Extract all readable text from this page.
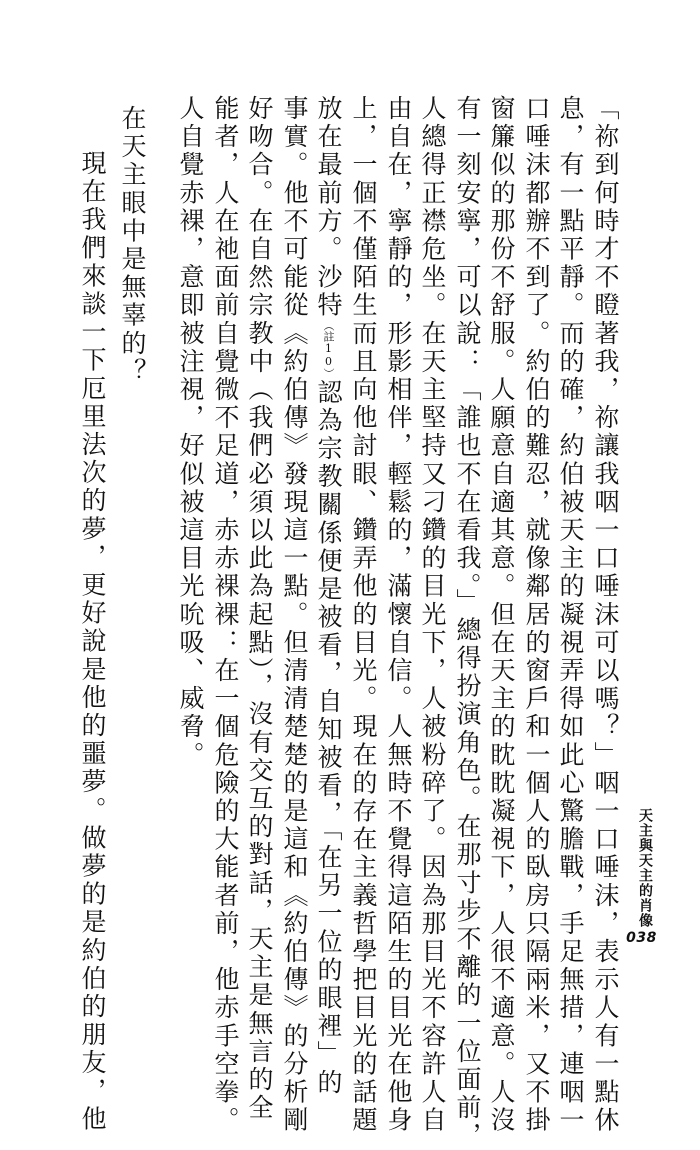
「祢到何時才不瞪著我，祢讓我咽一口唾沫可以嗎？」咽一口唾沫，表示人有一點休
息，有一點平靜。而的確，約伯被天主的凝視弄得如此心驚膽戰，手足無措，連咽一
口唾沫都辦不到了。約伯的難忍，就像鄰居的窗戶和一個人的臥房只隔兩米，又不掛
窗簾似的那份不舒服。人願意自適其意。但在天主的眈眈凝視下，人很不適意。人沒
有一刻安寧，可以說：「誰也不在看我。」總得扮演角色。在那寸步不離的一位面前，
人總得正襟危坐。在天主堅持又刁鑽的目光下，人被粉碎了。因為那目光不容許人自
由自在，寧靜的，形影相伴，輕鬆的，滿懷自信。人無時不覺得這陌生的目光在他身
上，一個不僅陌生而且向他討眼、鑽弄他的目光。現在的存在主義哲學把目光的話題
放在最前方。沙特（註10）認為宗教關係便是被看，自知被看，「在另一位的眼裡」的
事實。他不可能從《約伯傳》發現這一點。但清清楚楚的是這和《約伯傳》的分析剛
好吻合。在自然宗教中（我們必須以此為起點），沒有交互的對話，天主是無言的全
能者，人在祂面前自覺微不足道，赤赤裸裸：在一個危險的大能者前，他赤手空拳。
人自覺赤裸，意即被注視，好似被這目光吮吸、威脅。
在天主眼中是無辜的？
現在我們來談一下厄里法次的夢，更好說是他的噩夢。做夢的是約伯的朋友，他	天主與天主的肖像
038
